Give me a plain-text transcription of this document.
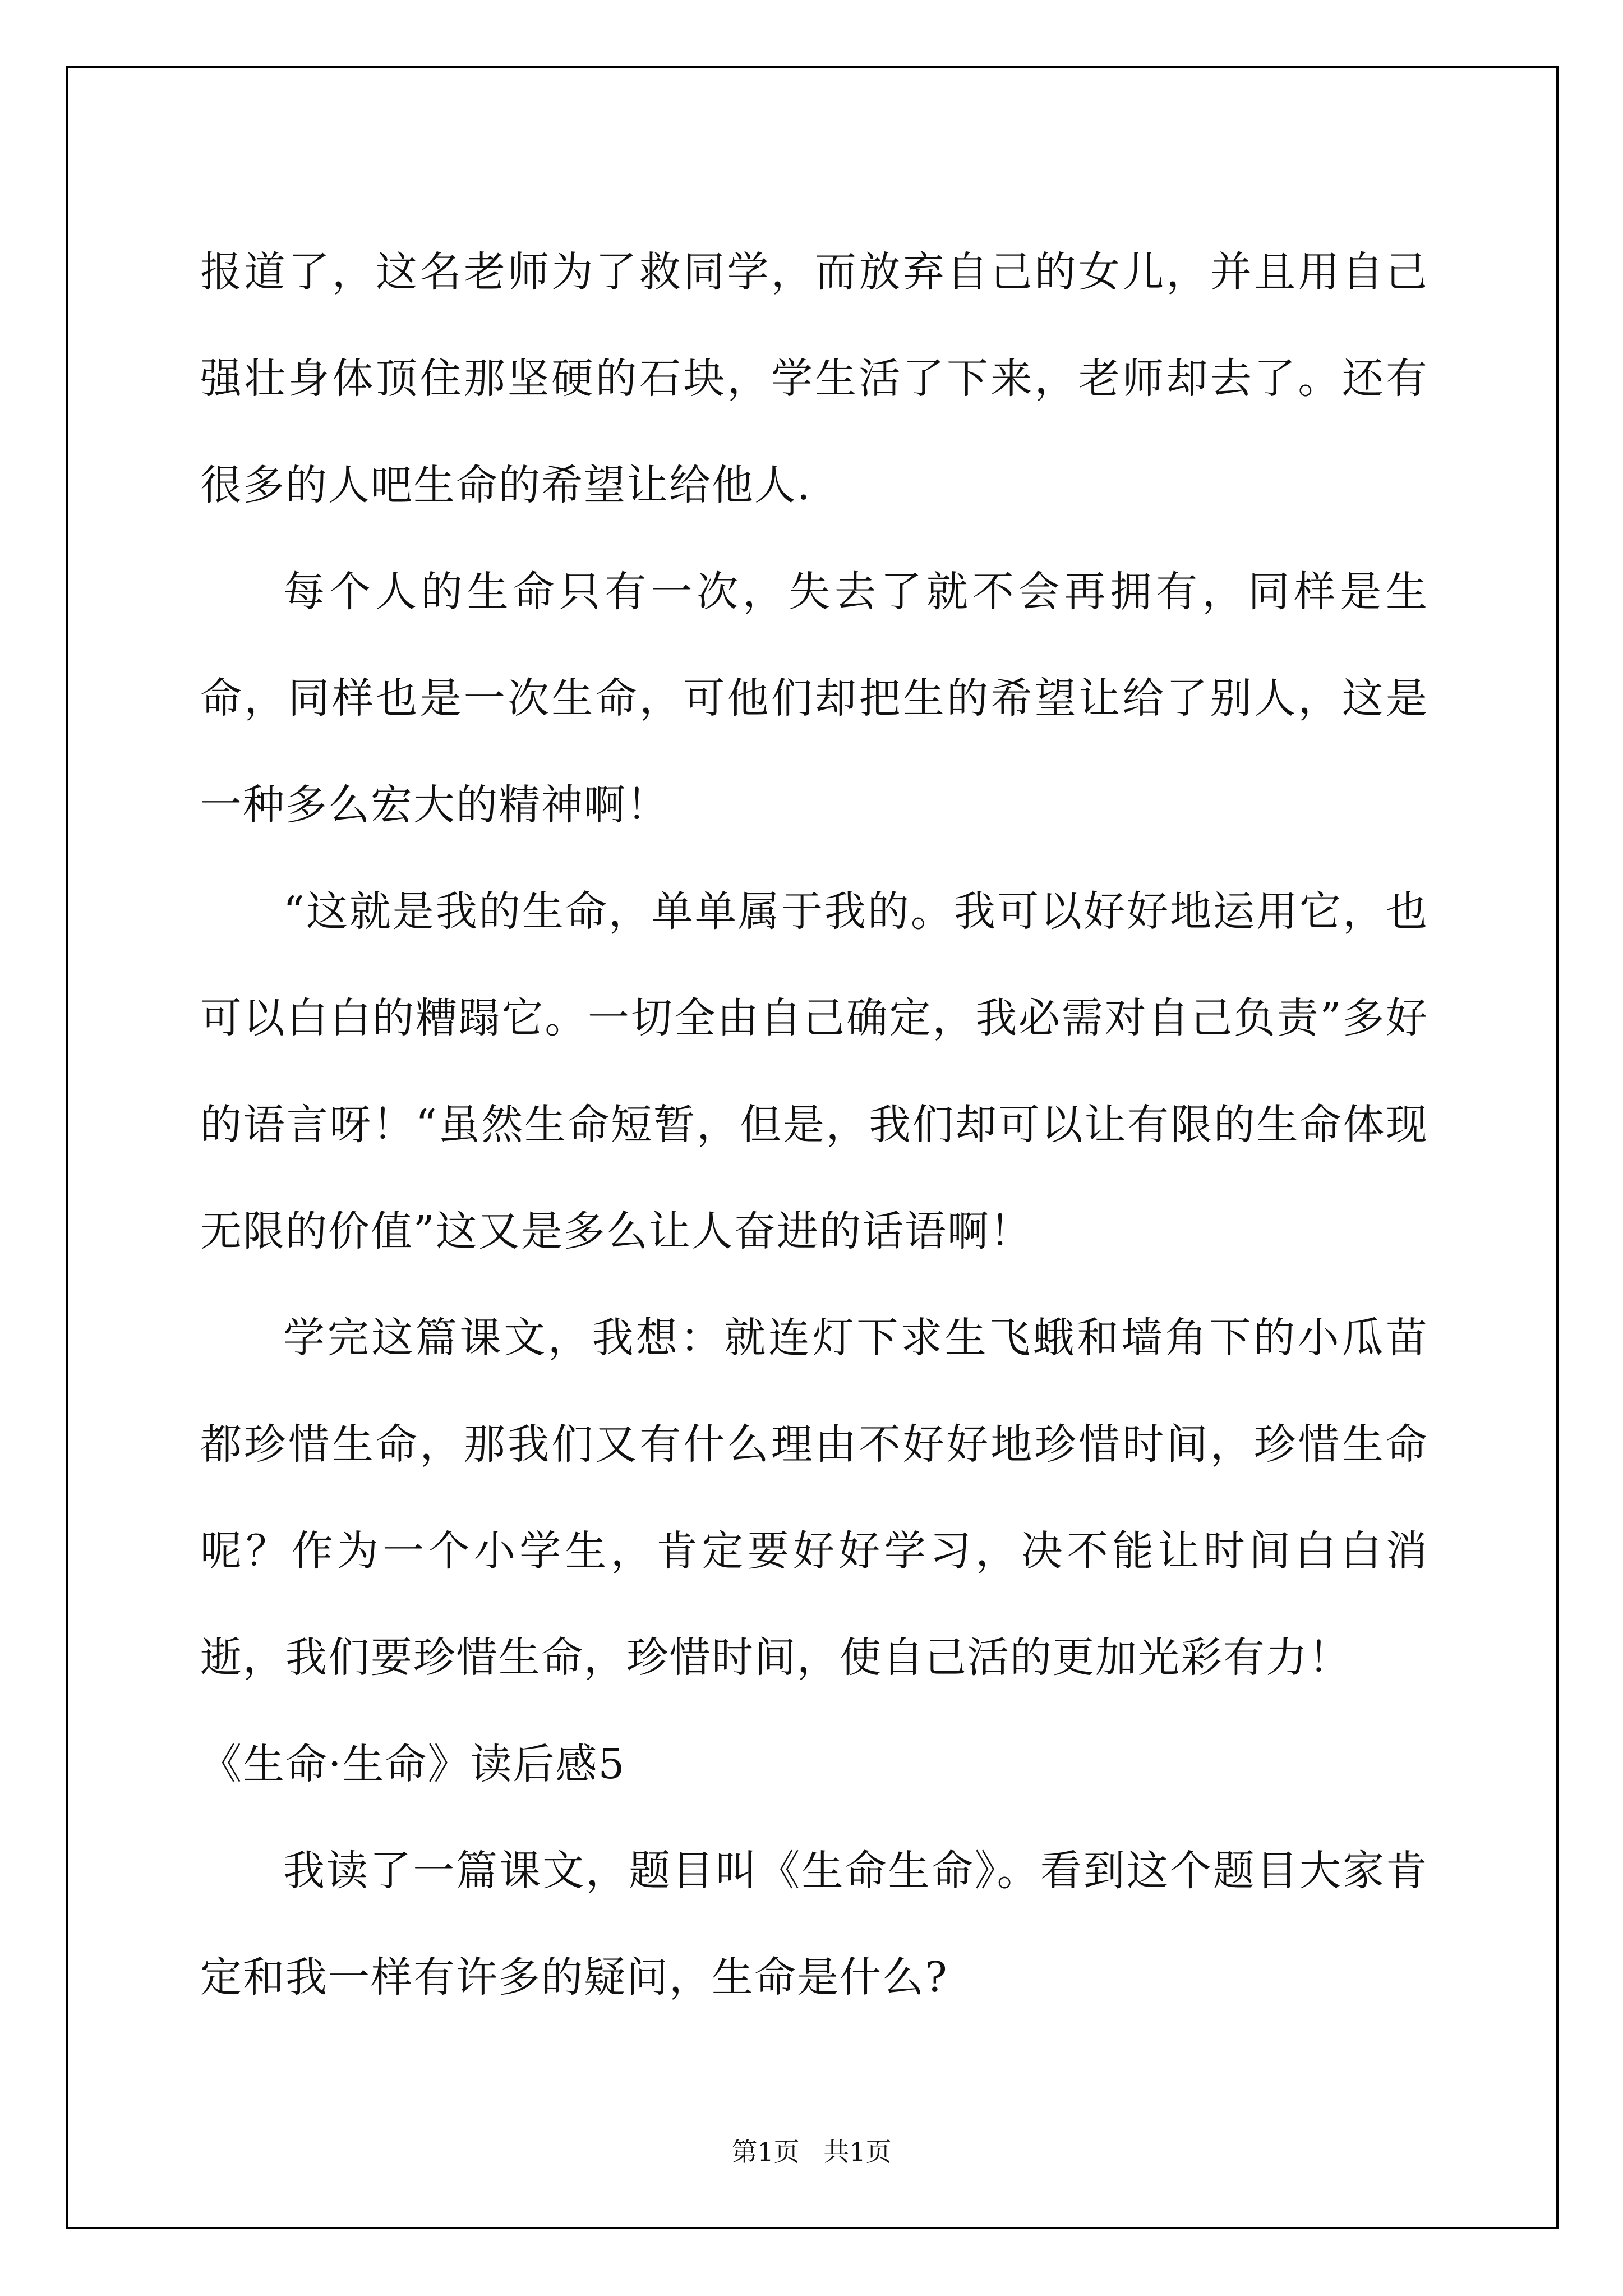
报道了，这名老师为了救同学，而放弃自己的女儿，并且用自己强壮身体顶住那坚硬的石块，学生活了下来，老师却去了。还有很多的人吧生命的希望让给他人.

每个人的生命只有一次，失去了就不会再拥有，同样是生命，同样也是一次生命，可他们却把生的希望让给了别人，这是一种多么宏大的精神啊！

“这就是我的生命，单单属于我的。我可以好好地运用它，也可以白白的糟蹋它。一切全由自己确定，我必需对自己负责”多好的语言呀！“虽然生命短暂，但是，我们却可以让有限的生命体现无限的价值”这又是多么让人奋进的话语啊！

学完这篇课文，我想：就连灯下求生飞蛾和墙角下的小瓜苗都珍惜生命，那我们又有什么理由不好好地珍惜时间，珍惜生命呢？作为一个小学生，肯定要好好学习，决不能让时间白白消逝，我们要珍惜生命，珍惜时间，使自己活的更加光彩有力！

《生命·生命》读后感5

我读了一篇课文，题目叫《生命生命》。看到这个题目大家肯定和我一样有许多的疑问，生命是什么?

第1页 共1页
